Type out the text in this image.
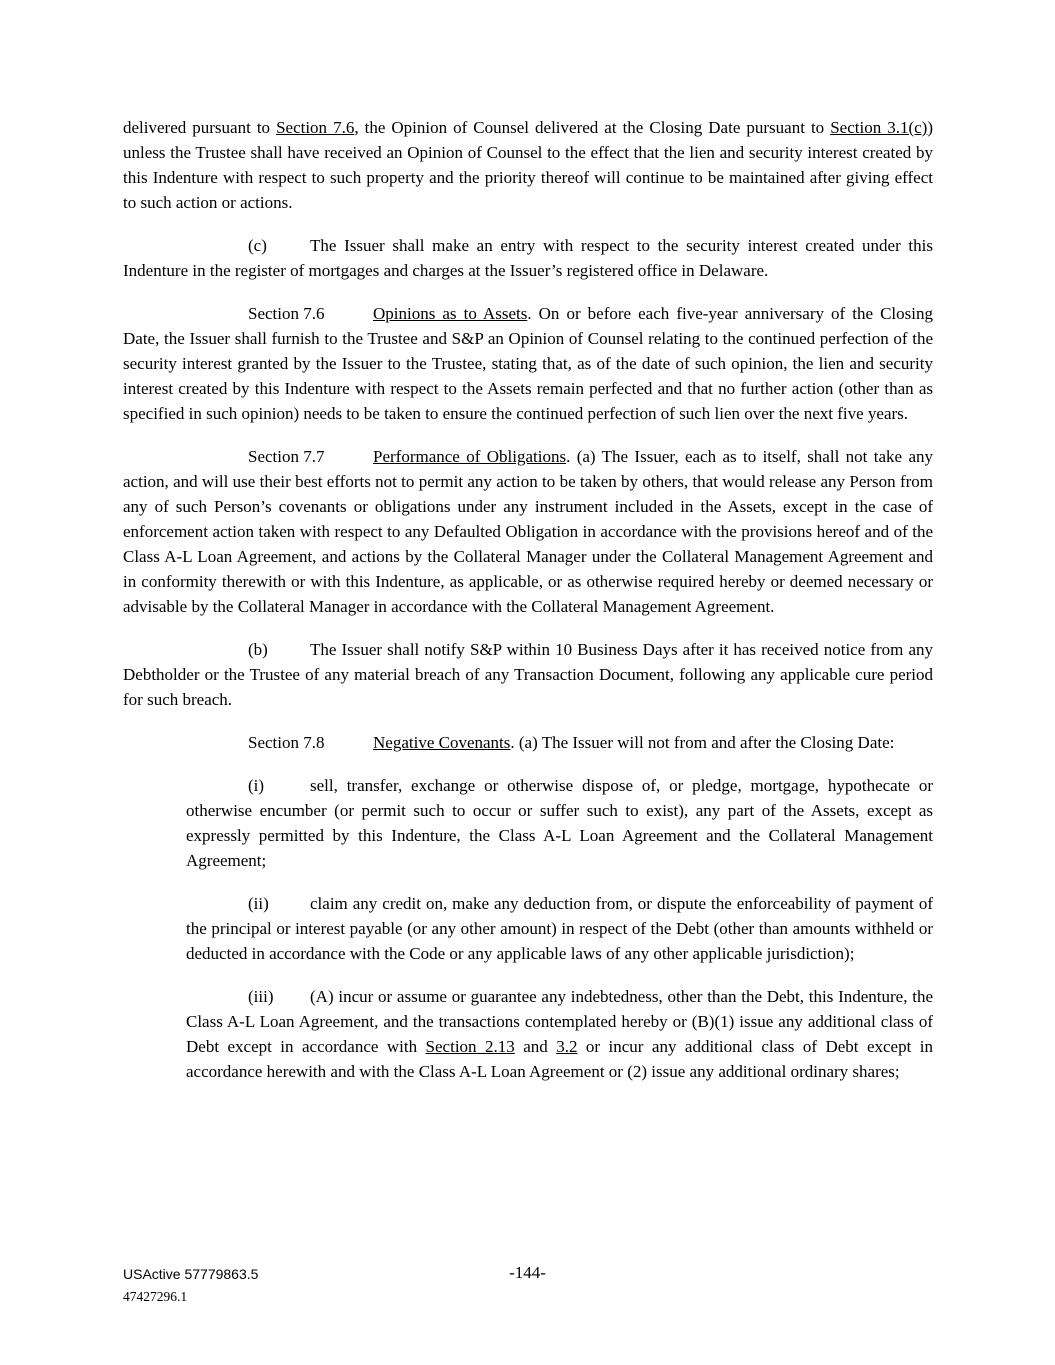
delivered pursuant to Section 7.6, the Opinion of Counsel delivered at the Closing Date pursuant to Section 3.1(c)) unless the Trustee shall have received an Opinion of Counsel to the effect that the lien and security interest created by this Indenture with respect to such property and the priority thereof will continue to be maintained after giving effect to such action or actions.

(c)	The Issuer shall make an entry with respect to the security interest created under this Indenture in the register of mortgages and charges at the Issuer’s registered office in Delaware.

Section 7.6	Opinions as to Assets. On or before each five-year anniversary of the Closing Date, the Issuer shall furnish to the Trustee and S&P an Opinion of Counsel relating to the continued perfection of the security interest granted by the Issuer to the Trustee, stating that, as of the date of such opinion, the lien and security interest created by this Indenture with respect to the Assets remain perfected and that no further action (other than as specified in such opinion) needs to be taken to ensure the continued perfection of such lien over the next five years.

Section 7.7	Performance of Obligations. (a) The Issuer, each as to itself, shall not take any action, and will use their best efforts not to permit any action to be taken by others, that would release any Person from any of such Person’s covenants or obligations under any instrument included in the Assets, except in the case of enforcement action taken with respect to any Defaulted Obligation in accordance with the provisions hereof and of the Class A-L Loan Agreement, and actions by the Collateral Manager under the Collateral Management Agreement and in conformity therewith or with this Indenture, as applicable, or as otherwise required hereby or deemed necessary or advisable by the Collateral Manager in accordance with the Collateral Management Agreement.

(b) The Issuer shall notify S&P within 10 Business Days after it has received notice from any Debtholder or the Trustee of any material breach of any Transaction Document, following any applicable cure period for such breach.

Section 7.8	Negative Covenants. (a) The Issuer will not from and after the Closing Date:

(i)	sell, transfer, exchange or otherwise dispose of, or pledge, mortgage, hypothecate or otherwise encumber (or permit such to occur or suffer such to exist), any part of the Assets, except as expressly permitted by this Indenture, the Class A-L Loan Agreement and the Collateral Management Agreement;

(ii) claim any credit on, make any deduction from, or dispute the enforceability of payment of the principal or interest payable (or any other amount) in respect of the Debt (other than amounts withheld or deducted in accordance with the Code or any applicable laws of any other applicable jurisdiction);

(iii) (A) incur or assume or guarantee any indebtedness, other than the Debt, this Indenture, the Class A-L Loan Agreement, and the transactions contemplated hereby or (B)(1) issue any additional class of Debt except in accordance with Section 2.13 and 3.2 or incur any additional class of Debt except in accordance herewith and with the Class A-L Loan Agreement or (2) issue any additional ordinary shares;

USActive 57779863.5
47427296.1
-144-
